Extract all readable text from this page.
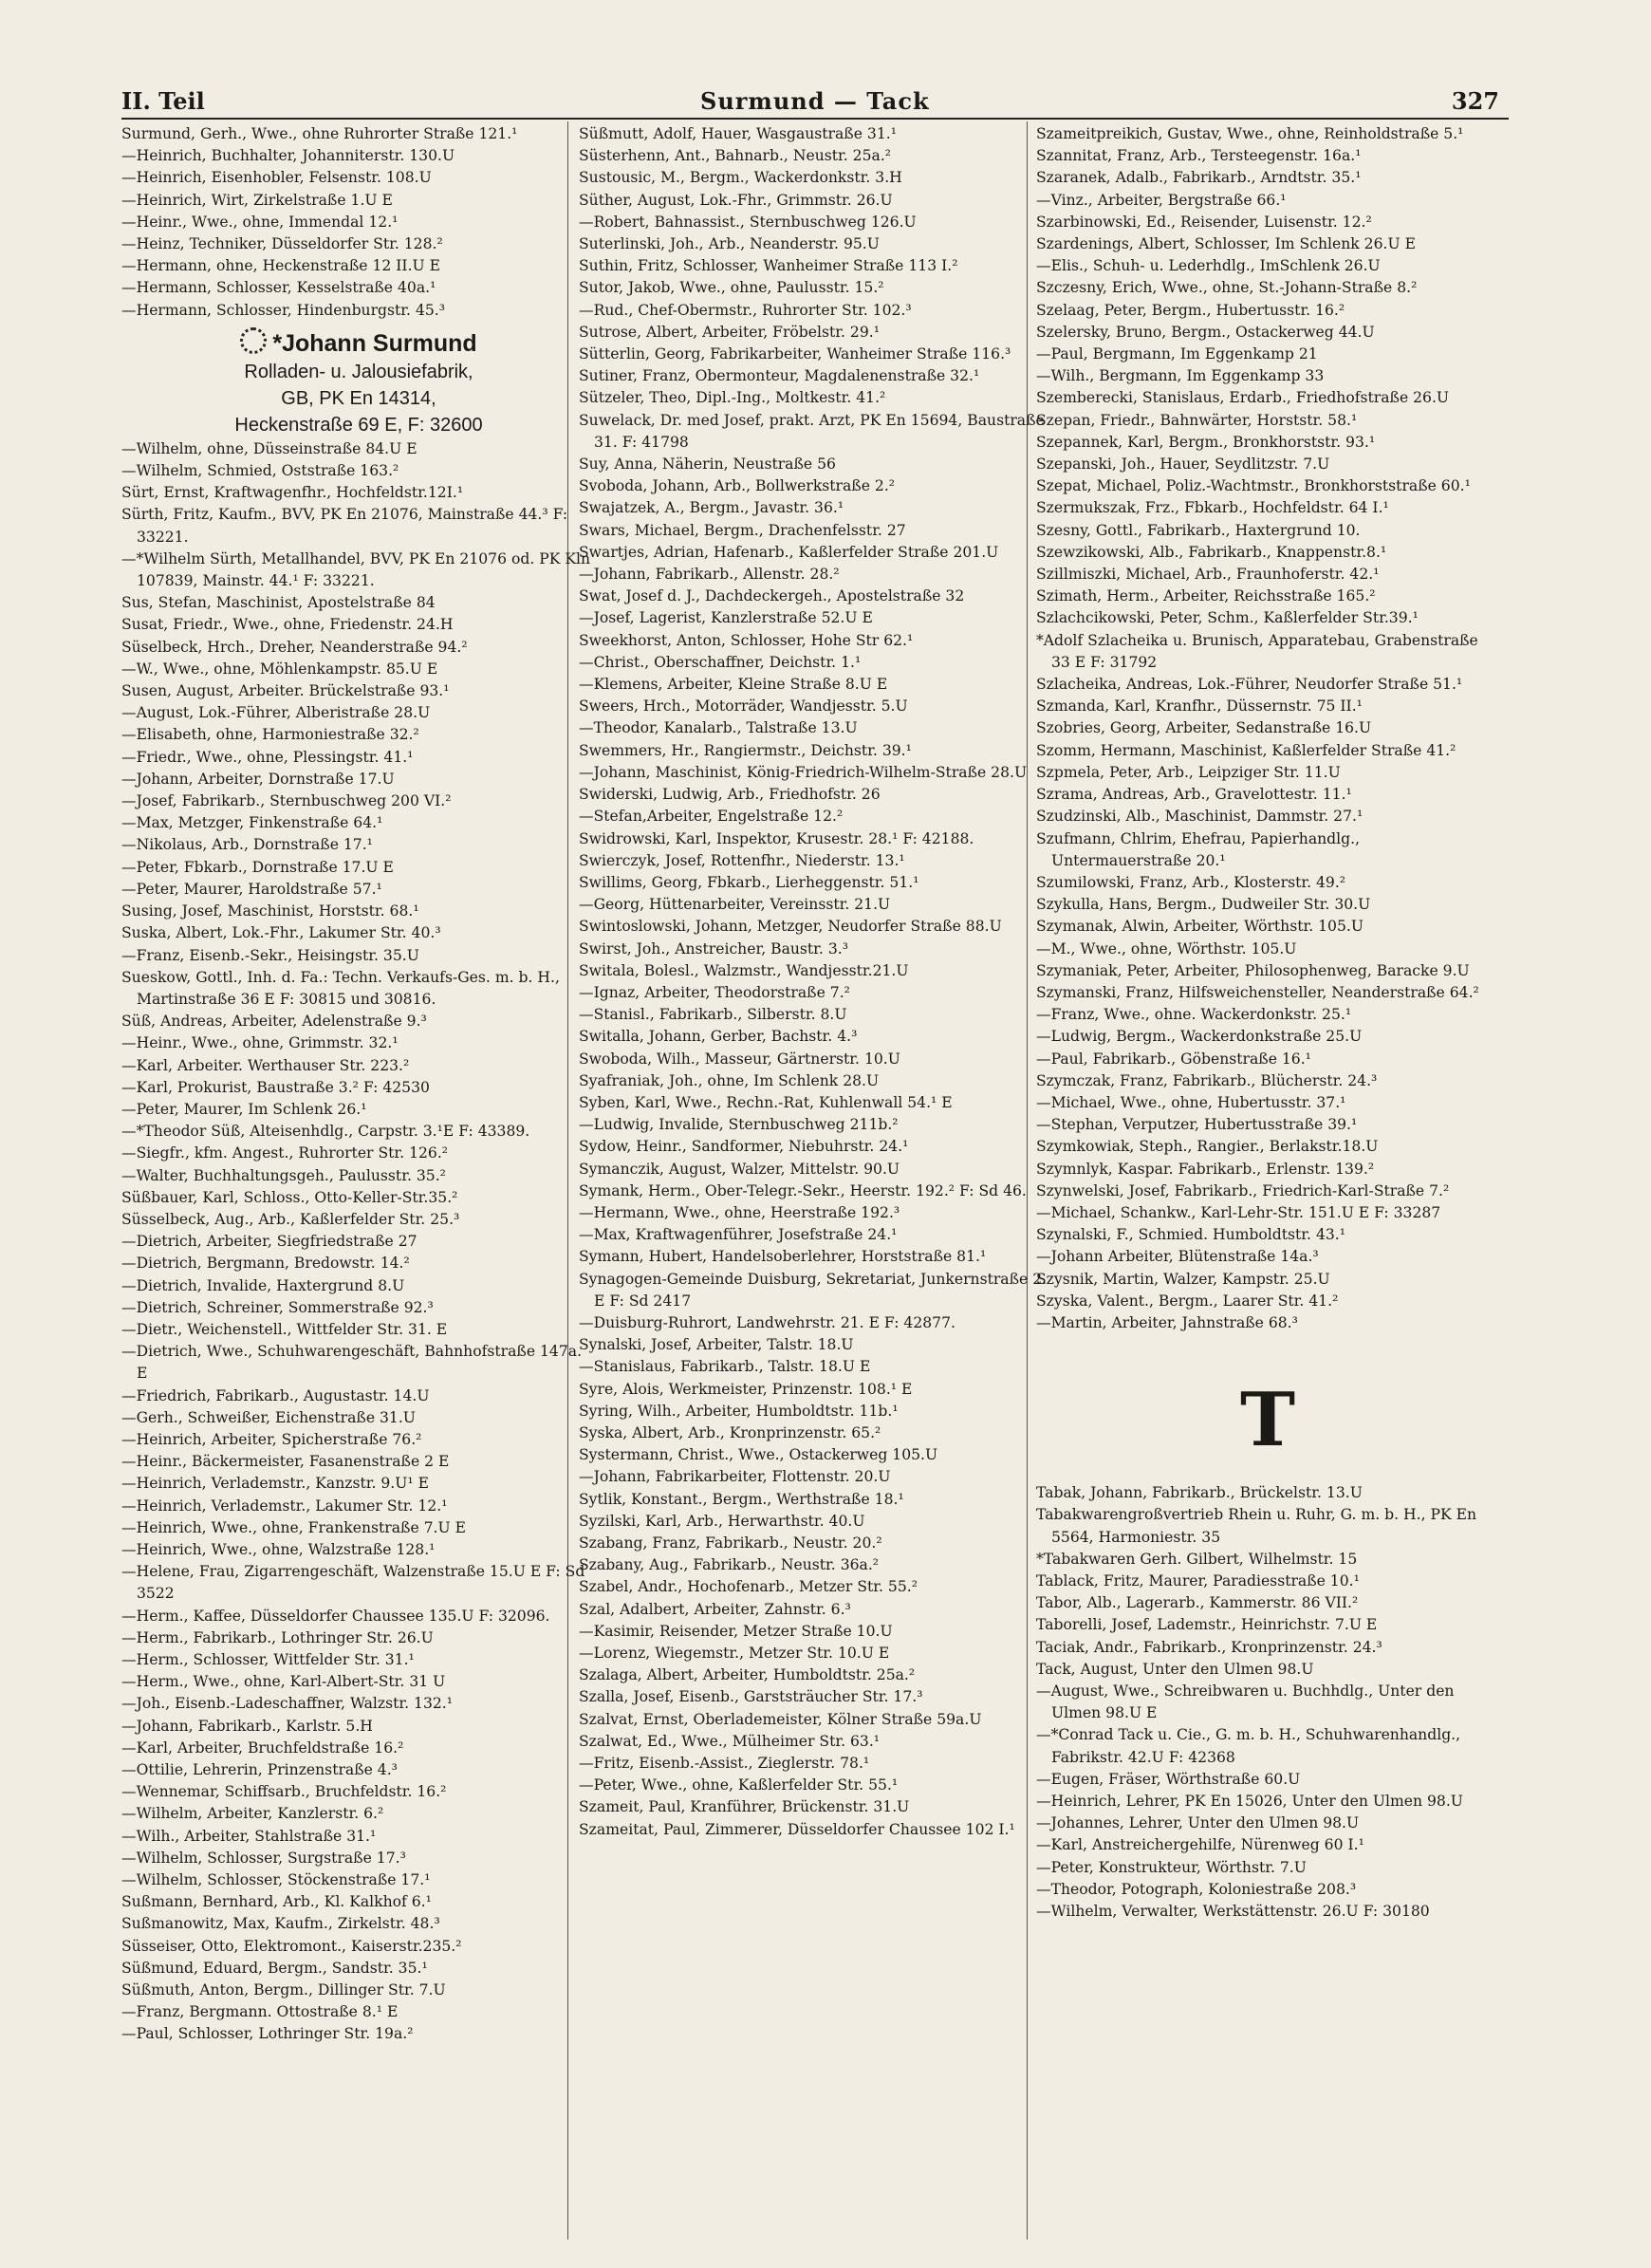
II. Teil	Surmund — Tack	327

Surmund, Gerh., Wwe., ohne Ruhrorter Straße 121.¹

—Heinrich, Buchhalter, Johanniterstr. 130.U

—Heinrich, Eisenhobler, Felsenstr. 108.U

—Heinrich, Wirt, Zirkelstraße 1.U E

—Heinr., Wwe., ohne, Immendal 12.¹

—Heinz, Techniker, Düsseldorfer Str. 128.²

—Hermann, ohne, Heckenstraße 12 II.U E

—Hermann, Schlosser, Kesselstraße 40a.¹

—Hermann, Schlosser, Hindenburgstr. 45.³

*Johann Surmund
Rolladen- u. Jalousiefabrik,
GB, PK En 14314,
Heckenstraße 69 E, F: 32600

—Wilhelm, ohne, Düsseinstraße 84.U E

—Wilhelm, Schmied, Oststraße 163.²

Sürt, Ernst, Kraftwagenfhr., Hochfeldstr.12I.¹

Sürth, Fritz, Kaufm., BVV, PK En 21076, Mainstraße 44.³ F: 33221.

—*Wilhelm Sürth, Metallhandel, BVV, PK En 21076 od. PK Kln 107839, Mainstr. 44.¹ F: 33221.

Sus, Stefan, Maschinist, Apostelstraße 84

Susat, Friedr., Wwe., ohne, Friedenstr. 24.H

Süselbeck, Hrch., Dreher, Neanderstraße 94.²

—W., Wwe., ohne, Möhlenkampstr. 85.U E

Susen, August, Arbeiter. Brückelstraße 93.¹

—August, Lok.-Führer, Alberistraße 28.U

—Elisabeth, ohne, Harmoniestraße 32.²

—Friedr., Wwe., ohne, Plessingstr. 41.¹

—Johann, Arbeiter, Dornstraße 17.U

—Josef, Fabrikarb., Sternbuschweg 200 VI.²

—Max, Metzger, Finkenstraße 64.¹

—Nikolaus, Arb., Dornstraße 17.¹

—Peter, Fbkarb., Dornstraße 17.U E

—Peter, Maurer, Haroldstraße 57.¹

Susing, Josef, Maschinist, Horststr. 68.¹

Suska, Albert, Lok.-Fhr., Lakumer Str. 40.³

—Franz, Eisenb.-Sekr., Heisingstr. 35.U

Sueskow, Gottl., Inh. d. Fa.: Techn. Verkaufs-Ges. m. b. H., Martinstraße 36 E F: 30815 und 30816.

Süß, Andreas, Arbeiter, Adelenstraße 9.³

—Heinr., Wwe., ohne, Grimmstr. 32.¹

—Karl, Arbeiter. Werthauser Str. 223.²

—Karl, Prokurist, Baustraße 3.² F: 42530

—Peter, Maurer, Im Schlenk 26.¹

—*Theodor Süß, Alteisenhdlg., Carpstr. 3.¹E F: 43389.

—Siegfr., kfm. Angest., Ruhrorter Str. 126.²

—Walter, Buchhaltungsgeh., Paulusstr. 35.²

Süßbauer, Karl, Schloss., Otto-Keller-Str.35.²

Süsselbeck, Aug., Arb., Kaßlerfelder Str. 25.³

—Dietrich, Arbeiter, Siegfriedstraße 27

—Dietrich, Bergmann, Bredowstr. 14.²

—Dietrich, Invalide, Haxtergrund 8.U

—Dietrich, Schreiner, Sommerstraße 92.³

—Dietr., Weichenstell., Wittfelder Str. 31. E

—Dietrich, Wwe., Schuhwarengeschäft, Bahnhofstraße 147a. E

—Friedrich, Fabrikarb., Augustastr. 14.U

—Gerh., Schweißer, Eichenstraße 31.U

—Heinrich, Arbeiter, Spicherstraße 76.²

—Heinr., Bäckermeister, Fasanenstraße 2 E

—Heinrich, Verlademstr., Kanzstr. 9.U¹ E

—Heinrich, Verlademstr., Lakumer Str. 12.¹

—Heinrich, Wwe., ohne, Frankenstraße 7.U E

—Heinrich, Wwe., ohne, Walzstraße 128.¹

—Helene, Frau, Zigarrengeschäft, Walzenstraße 15.U E F: Sd 3522

—Herm., Kaffee, Düsseldorfer Chaussee 135.U F: 32096.

—Herm., Fabrikarb., Lothringer Str. 26.U

—Herm., Schlosser, Wittfelder Str. 31.¹

—Herm., Wwe., ohne, Karl-Albert-Str. 31 U

—Joh., Eisenb.-Ladeschaffner, Walzstr. 132.¹

—Johann, Fabrikarb., Karlstr. 5.H

—Karl, Arbeiter, Bruchfeldstraße 16.²

—Ottilie, Lehrerin, Prinzenstraße 4.³

—Wennemar, Schiffsarb., Bruchfeldstr. 16.²

—Wilhelm, Arbeiter, Kanzlerstr. 6.²

—Wilh., Arbeiter, Stahlstraße 31.¹

—Wilhelm, Schlosser, Surgstraße 17.³

—Wilhelm, Schlosser, Stöckenstraße 17.¹

Sußmann, Bernhard, Arb., Kl. Kalkhof 6.¹

Sußmanowitz, Max, Kaufm., Zirkelstr. 48.³

Süsseiser, Otto, Elektromont., Kaiserstr.235.²

Süßmund, Eduard, Bergm., Sandstr. 35.¹

Süßmuth, Anton, Bergm., Dillinger Str. 7.U

—Franz, Bergmann. Ottostraße 8.¹ E

—Paul, Schlosser, Lothringer Str. 19a.²

Süßmutt, Adolf, Hauer, Wasgaustraße 31.¹

Süsterhenn, Ant., Bahnarb., Neustr. 25a.²

Sustousic, M., Bergm., Wackerdonkstr. 3.H

Süther, August, Lok.-Fhr., Grimmstr. 26.U

—Robert, Bahnassist., Sternbuschweg 126.U

Suterlinski, Joh., Arb., Neanderstr. 95.U

Suthin, Fritz, Schlosser, Wanheimer Straße 113 I.²

Sutor, Jakob, Wwe., ohne, Paulusstr. 15.²

—Rud., Chef-Obermstr., Ruhrorter Str. 102.³

Sutrose, Albert, Arbeiter, Fröbelstr. 29.¹

Sütterlin, Georg, Fabrikarbeiter, Wanheimer Straße 116.³

Sutiner, Franz, Obermonteur, Magdalenenstraße 32.¹

Sützeler, Theo, Dipl.-Ing., Moltkestr. 41.²

Suwelack, Dr. med Josef, prakt. Arzt, PK En 15694, Baustraße 31. F: 41798

Suy, Anna, Näherin, Neustraße 56

Svoboda, Johann, Arb., Bollwerkstraße 2.²

Swajatzek, A., Bergm., Javastr. 36.¹

Swars, Michael, Bergm., Drachenfelsstr. 27

Swartjes, Adrian, Hafenarb., Kaßlerfelder Straße 201.U

—Johann, Fabrikarb., Allenstr. 28.²

Swat, Josef d. J., Dachdeckergeh., Apostelstraße 32

—Josef, Lagerist, Kanzlerstraße 52.U E

Sweekhorst, Anton, Schlosser, Hohe Str 62.¹

—Christ., Oberschaffner, Deichstr. 1.¹

—Klemens, Arbeiter, Kleine Straße 8.U E

Sweers, Hrch., Motorräder, Wandjesstr. 5.U

—Theodor, Kanalarb., Talstraße 13.U

Swemmers, Hr., Rangiermstr., Deichstr. 39.¹

—Johann, Maschinist, König-Friedrich-Wilhelm-Straße 28.U

Swiderski, Ludwig, Arb., Friedhofstr. 26

—Stefan,Arbeiter, Engelstraße 12.²

Swidrowski, Karl, Inspektor, Krusestr. 28.¹ F: 42188.

Swierczyk, Josef, Rottenfhr., Niederstr. 13.¹

Swillims, Georg, Fbkarb., Lierheggenstr. 51.¹

—Georg, Hüttenarbeiter, Vereinsstr. 21.U

Swintoslowski, Johann, Metzger, Neudorfer Straße 88.U

Swirst, Joh., Anstreicher, Baustr. 3.³

Switala, Bolesl., Walzmstr., Wandjesstr.21.U

—Ignaz, Arbeiter, Theodorstraße 7.²

—Stanisl., Fabrikarb., Silberstr. 8.U

Switalla, Johann, Gerber, Bachstr. 4.³

Swoboda, Wilh., Masseur, Gärtnerstr. 10.U

Syafraniak, Joh., ohne, Im Schlenk 28.U

Syben, Karl, Wwe., Rechn.-Rat, Kuhlenwall 54.¹ E

—Ludwig, Invalide, Sternbuschweg 211b.²

Sydow, Heinr., Sandformer, Niebuhrstr. 24.¹

Symanczik, August, Walzer, Mittelstr. 90.U

Symank, Herm., Ober-Telegr.-Sekr., Heerstr. 192.² F: Sd 46.

—Hermann, Wwe., ohne, Heerstraße 192.³

—Max, Kraftwagenführer, Josefstraße 24.¹

Symann, Hubert, Handelsoberlehrer, Horststraße 81.¹

Synagogen-Gemeinde Duisburg, Sekretariat, Junkernstraße 2. E F: Sd 2417

—Duisburg-Ruhrort, Landwehrstr. 21. E F: 42877.

Synalski, Josef, Arbeiter, Talstr. 18.U

—Stanislaus, Fabrikarb., Talstr. 18.U E

Syre, Alois, Werkmeister, Prinzenstr. 108.¹ E

Syring, Wilh., Arbeiter, Humboldtstr. 11b.¹

Syska, Albert, Arb., Kronprinzenstr. 65.²

Systermann, Christ., Wwe., Ostackerweg 105.U

—Johann, Fabrikarbeiter, Flottenstr. 20.U

Sytlik, Konstant., Bergm., Werthstraße 18.¹

Syzilski, Karl, Arb., Herwarthstr. 40.U

Szabang, Franz, Fabrikarb., Neustr. 20.²

Szabany, Aug., Fabrikarb., Neustr. 36a.²

Szabel, Andr., Hochofenarb., Metzer Str. 55.²

Szal, Adalbert, Arbeiter, Zahnstr. 6.³

—Kasimir, Reisender, Metzer Straße 10.U

—Lorenz, Wiegemstr., Metzer Str. 10.U E

Szalaga, Albert, Arbeiter, Humboldtstr. 25a.²

Szalla, Josef, Eisenb., Garststräucher Str. 17.³

Szalvat, Ernst, Oberlademeister, Kölner Straße 59a.U

Szalwat, Ed., Wwe., Mülheimer Str. 63.¹

—Fritz, Eisenb.-Assist., Zieglerstr. 78.¹

—Peter, Wwe., ohne, Kaßlerfelder Str. 55.¹

Szameit, Paul, Kranführer, Brückenstr. 31.U

Szameitat, Paul, Zimmerer, Düsseldorfer Chaussee 102 I.¹

Szameitpreikich, Gustav, Wwe., ohne, Reinholdstraße 5.¹

Szannitat, Franz, Arb., Tersteegenstr. 16a.¹

Szaranek, Adalb., Fabrikarb., Arndtstr. 35.¹

—Vinz., Arbeiter, Bergstraße 66.¹

Szarbinowski, Ed., Reisender, Luisenstr. 12.²

Szardenings, Albert, Schlosser, Im Schlenk 26.U E

—Elis., Schuh- u. Lederhdlg., ImSchlenk 26.U

Szczesny, Erich, Wwe., ohne, St.-Johann-Straße 8.²

Szelaag, Peter, Bergm., Hubertusstr. 16.²

Szelersky, Bruno, Bergm., Ostackerweg 44.U

—Paul, Bergmann, Im Eggenkamp 21

—Wilh., Bergmann, Im Eggenkamp 33

Szemberecki, Stanislaus, Erdarb., Friedhofstraße 26.U

Szepan, Friedr., Bahnwärter, Horststr. 58.¹

Szepannek, Karl, Bergm., Bronkhorststr. 93.¹

Szepanski, Joh., Hauer, Seydlitzstr. 7.U

Szepat, Michael, Poliz.-Wachtmstr., Bronkhorststraße 60.¹

Szermukszak, Frz., Fbkarb., Hochfeldstr. 64 I.¹

Szesny, Gottl., Fabrikarb., Haxtergrund 10.

Szewzikowski, Alb., Fabrikarb., Knappenstr.8.¹

Szillmiszki, Michael, Arb., Fraunhoferstr. 42.¹

Szimath, Herm., Arbeiter, Reichsstraße 165.²

Szlachcikowski, Peter, Schm., Kaßlerfelder Str.39.¹

*Adolf Szlacheika u. Brunisch, Apparatebau, Grabenstraße 33 E F: 31792

Szlacheika, Andreas, Lok.-Führer, Neudorfer Straße 51.¹

Szmanda, Karl, Kranfhr., Düssernstr. 75 II.¹

Szobries, Georg, Arbeiter, Sedanstraße 16.U

Szomm, Hermann, Maschinist, Kaßlerfelder Straße 41.²

Szpmela, Peter, Arb., Leipziger Str. 11.U

Szrama, Andreas, Arb., Gravelottestr. 11.¹

Szudzinski, Alb., Maschinist, Dammstr. 27.¹

Szufmann, Chlrim, Ehefrau, Papierhandlg., Untermauerstraße 20.¹

Szumilowski, Franz, Arb., Klosterstr. 49.²

Szykulla, Hans, Bergm., Dudweiler Str. 30.U

Szymanak, Alwin, Arbeiter, Wörthstr. 105.U

—M., Wwe., ohne, Wörthstr. 105.U

Szymaniak, Peter, Arbeiter, Philosophenweg, Baracke 9.U

Szymanski, Franz, Hilfsweichensteller, Neanderstraße 64.²

—Franz, Wwe., ohne. Wackerdonkstr. 25.¹

—Ludwig, Bergm., Wackerdonkstraße 25.U

—Paul, Fabrikarb., Göbenstraße 16.¹

Szymczak, Franz, Fabrikarb., Blücherstr. 24.³

—Michael, Wwe., ohne, Hubertusstr. 37.¹

—Stephan, Verputzer, Hubertusstraße 39.¹

Szymkowiak, Steph., Rangier., Berlakstr.18.U

Szymnlyk, Kaspar. Fabrikarb., Erlenstr. 139.²

Szynwelski, Josef, Fabrikarb., Friedrich-Karl-Straße 7.²

—Michael, Schankw., Karl-Lehr-Str. 151.U E F: 33287

Szynalski, F., Schmied. Humboldtstr. 43.¹

—Johann Arbeiter, Blütenstraße 14a.³

Szysnik, Martin, Walzer, Kampstr. 25.U

Szyska, Valent., Bergm., Laarer Str. 41.²

—Martin, Arbeiter, Jahnstraße 68.³

T

Tabak, Johann, Fabrikarb., Brückelstr. 13.U

Tabakwarengroßvertrieb Rhein u. Ruhr, G. m. b. H., PK En 5564, Harmoniestr. 35

*Tabakwaren Gerh. Gilbert, Wilhelmstr. 15

Tablack, Fritz, Maurer, Paradiesstraße 10.¹

Tabor, Alb., Lagerarb., Kammerstr. 86 VII.²

Taborelli, Josef, Lademstr., Heinrichstr. 7.U E

Taciak, Andr., Fabrikarb., Kronprinzenstr. 24.³

Tack, August, Unter den Ulmen 98.U

—August, Wwe., Schreibwaren u. Buchhdlg., Unter den Ulmen 98.U E

—*Conrad Tack u. Cie., G. m. b. H., Schuhwarenhandlg., Fabrikstr. 42.U F: 42368

—Eugen, Fräser, Wörthstraße 60.U

—Heinrich, Lehrer, PK En 15026, Unter den Ulmen 98.U

—Johannes, Lehrer, Unter den Ulmen 98.U

—Karl, Anstreichergehilfe, Nürenweg 60 I.¹

—Peter, Konstrukteur, Wörthstr. 7.U

—Theodor, Potograph, Koloniestraße 208.³

—Wilhelm, Verwalter, Werkstättenstr. 26.U F: 30180
